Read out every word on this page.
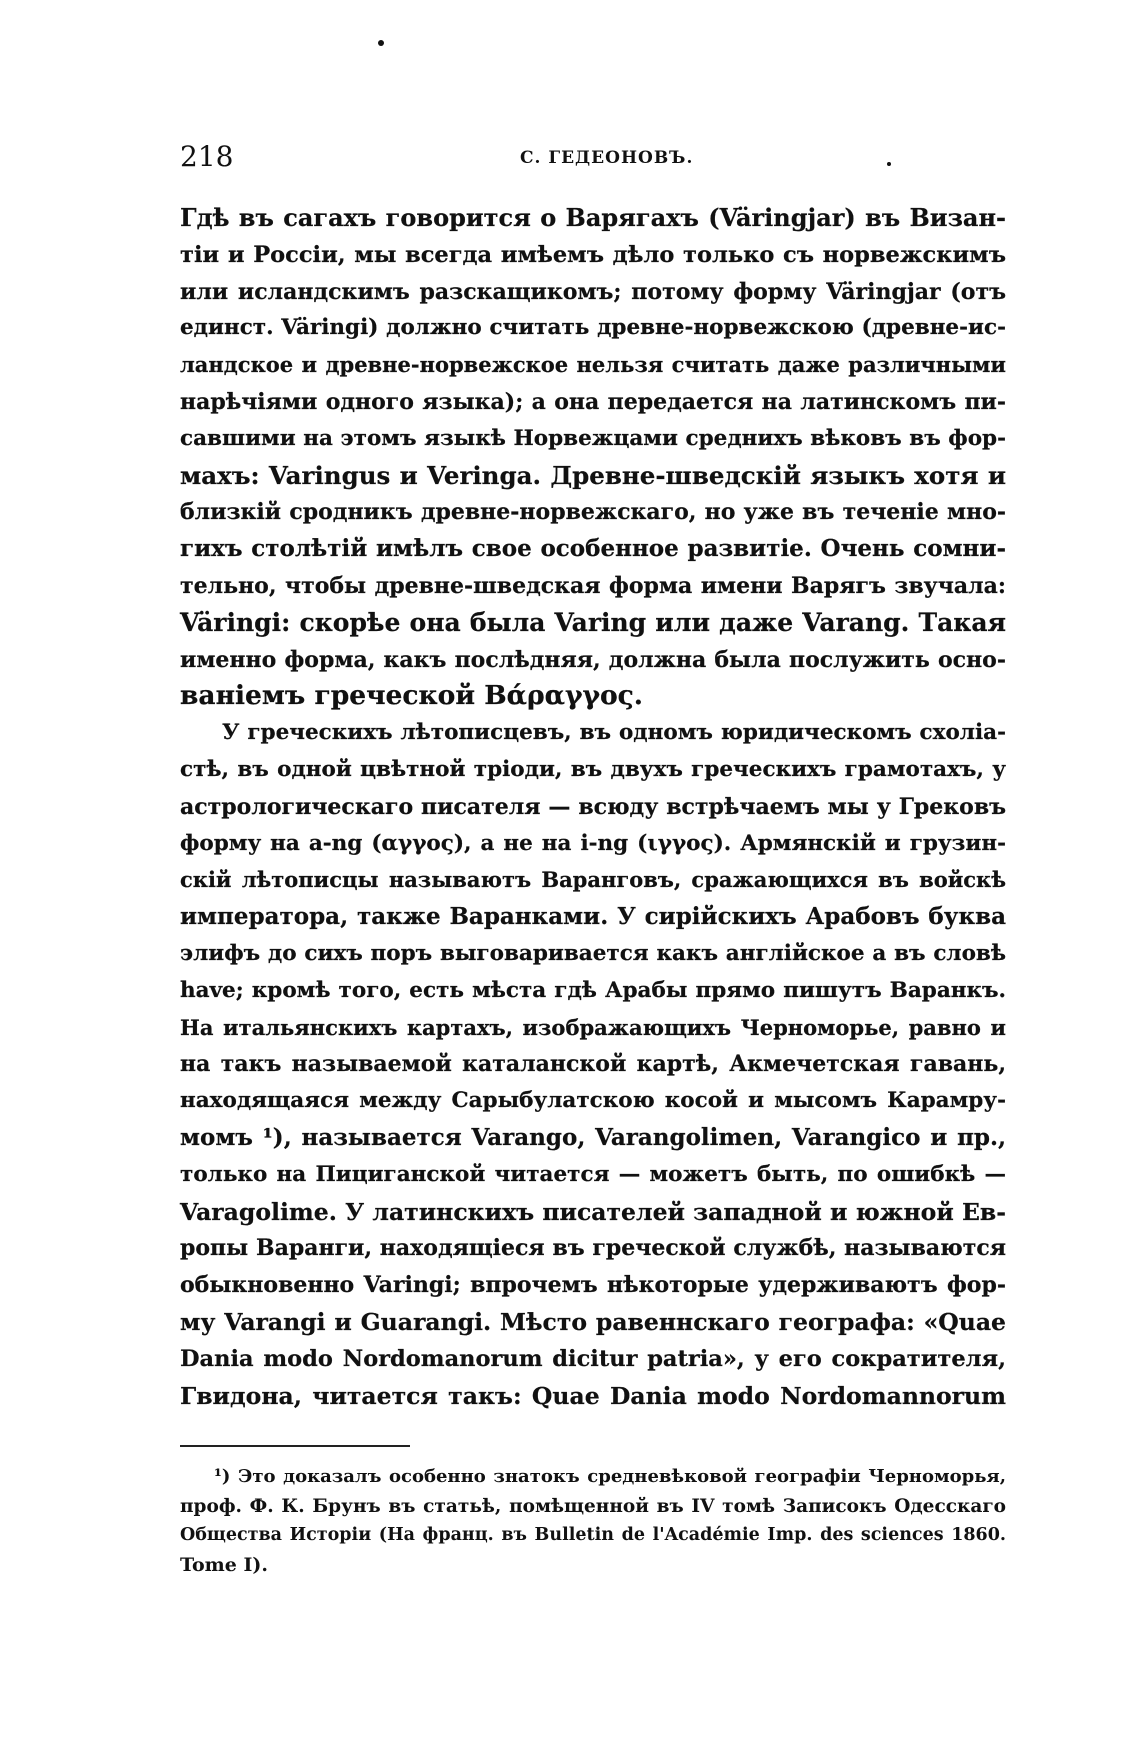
218	С. ГЕДЕОНОВЪ.
Гдѣ въ сагахъ говорится о Варягахъ (Väringjar) въ Визан-
тіи и Россіи, мы всегда имѣемъ дѣло только съ норвежскимъ
или исландскимъ разскащикомъ; потому форму Väringjar (отъ
единст. Väringi) должно считать древне-норвежскою (древне-ис-
ландское и древне-норвежское нельзя считать даже различными
нарѣчіями одного языка); а она передается на латинскомъ пи-
савшими на этомъ языкѣ Норвежцами среднихъ вѣковъ въ фор-
махъ: Varingus и Veringa. Древне-шведскій языкъ хотя и
близкій сродникъ древне-норвежскаго, но уже въ теченіе мно-
гихъ столѣтій имѣлъ свое особенное развитіе. Очень сомни-
тельно, чтобы древне-шведская форма имени Варягъ звучала:
Väringi: скорѣе она была Varing или даже Varang. Такая
именно форма, какъ послѣдняя, должна была послужить осно-
ваніемъ греческой Βάραγγος.
У греческихъ лѣтописцевъ, въ одномъ юридическомъ схоліа-
стѣ, въ одной цвѣтной тріоди, въ двухъ греческихъ грамотахъ, у
астрологическаго писателя — всюду встрѣчаемъ мы у Грековъ
форму на a-ng (αγγος), а не на i-ng (ιγγος). Армянскій и грузин-
скій лѣтописцы называютъ Варанговъ, сражающихся въ войскѣ
императора, также Варанками. У сирійскихъ Арабовъ буква
элифъ до сихъ поръ выговаривается какъ англійское a въ словѣ
have; кромѣ того, есть мѣста гдѣ Арабы прямо пишутъ Варанкъ.
На итальянскихъ картахъ, изображающихъ Черноморье, равно и
на такъ называемой каталанской картѣ, Акмечетская гавань,
находящаяся между Сарыбулатскою косой и мысомъ Карамру-
момъ ¹), называется Varango, Varangolimen, Varangico и пр.,
только на Пициганской читается — можетъ быть, по ошибкѣ —
Varagolime. У латинскихъ писателей западной и южной Ев-
ропы Варанги, находящіеся въ греческой службѣ, называются
обыкновенно Varingi; впрочемъ нѣкоторые удерживаютъ фор-
му Varangi и Guarangi. Мѣсто равеннскаго географа: «Quae
Dania modo Nordomanorum dicitur patria», у его сократителя,
Гвидона, читается такъ: Quae Dania modo Nordomannorum
¹) Это доказалъ особенно знатокъ средневѣковой географіи Черноморья,
проф. Ф. К. Брунъ въ статьѣ, помѣщенной въ IV томѣ Записокъ Одесскаго
Общества Исторіи (На франц. въ Bulletin de l'Académie Imp. des sciences 1860.
Tome I).
